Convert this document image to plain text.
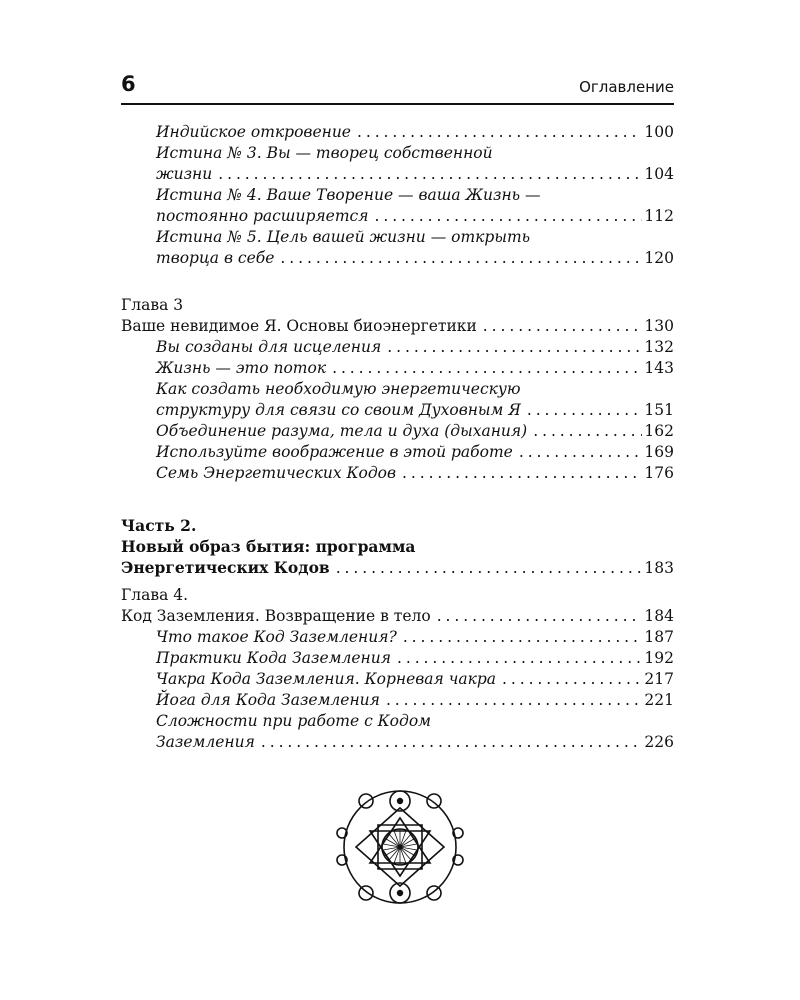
6	Оглавление
Индийское откровение . . .	100
Истина № 3. Вы — творец собственной
жизни . . .	104
Истина № 4. Ваше Творение — ваша Жизнь —
постоянно расширяется . . .	112
Истина № 5. Цель вашей жизни — открыть
творца в себе . . .	120
Глава 3
Ваше невидимое Я. Основы биоэнергетики . . .	130
Вы созданы для исцеления . . .	132
Жизнь — это поток . . .	143
Как создать необходимую энергетическую
структуру для связи со своим Духовным Я . . .	151
Объединение разума, тела и духа (дыхания) . . .	162
Используйте воображение в этой работе . . .	169
Семь Энергетических Кодов . . .	176
Часть 2.
Новый образ бытия: программа
Энергетических Кодов . . .	183
Глава 4.
Код Заземления. Возвращение в тело . . .	184
Что такое Код Заземления? . . .	187
Практики Кода Заземления . . .	192
Чакра Кода Заземления. Корневая чакра . . .	217
Йога для Кода Заземления . . .	221
Сложности при работе с Кодом
Заземления . . .	226
